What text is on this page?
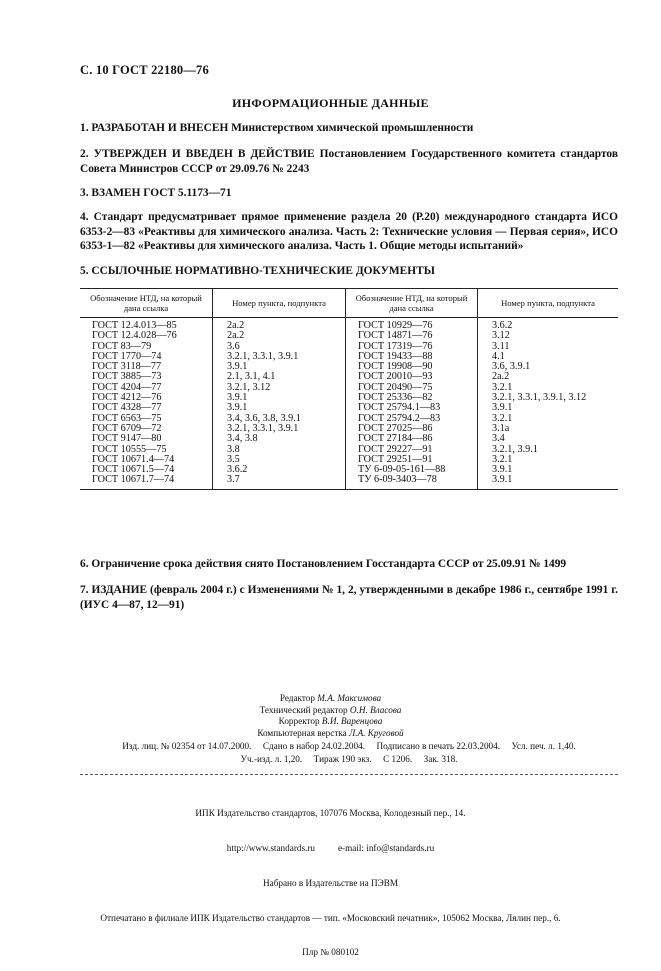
С. 10 ГОСТ 22180—76
ИНФОРМАЦИОННЫЕ ДАННЫЕ
1. РАЗРАБОТАН И ВНЕСЕН Министерством химической промышленности
2. УТВЕРЖДЕН И ВВЕДЕН В ДЕЙСТВИЕ Постановлением Государственного комитета стандартов Совета Министров СССР от 29.09.76 № 2243
3. ВЗАМЕН ГОСТ 5.1173—71
4. Стандарт предусматривает прямое применение раздела 20 (Р.20) международного стандарта ИСО 6353-2—83 «Реактивы для химического анализа. Часть 2: Технические условия — Первая серия», ИСО 6353-1—82 «Реактивы для химического анализа. Часть 1. Общие методы испытаний»
5. ССЫЛОЧНЫЕ НОРМАТИВНО-ТЕХНИЧЕСКИЕ ДОКУМЕНТЫ
Обозначение НТД, на который дана ссылка	Номер пункта, подпункта	Обозначение НТД, на который дана ссылка	Номер пункта, подпункта
ГОСТ 12.4.013—85	2а.2	ГОСТ 10929—76	3.6.2
ГОСТ 12.4.028—76	2а.2	ГОСТ 14871—76	3.12
ГОСТ 83—79	3.6	ГОСТ 17319—76	3.11
ГОСТ 1770—74	3.2.1, 3.3.1, 3.9.1	ГОСТ 19433—88	4.1
ГОСТ 3118—77	3.9.1	ГОСТ 19908—90	3.6, 3.9.1
ГОСТ 3885—73	2.1, 3.1, 4.1	ГОСТ 20010—93	2а.2
ГОСТ 4204—77	3.2.1, 3.12	ГОСТ 20490—75	3.2.1
ГОСТ 4212—76	3.9.1	ГОСТ 25336—82	3.2.1, 3.3.1, 3.9.1, 3.12
ГОСТ 4328—77	3.9.1	ГОСТ 25794.1—83	3.9.1
ГОСТ 6563—75	3.4, 3.6, 3.8, 3.9.1	ГОСТ 25794.2—83	3.2.1
ГОСТ 6709—72	3.2.1, 3.3.1, 3.9.1	ГОСТ 27025—86	3.1а
ГОСТ 9147—80	3.4, 3.8	ГОСТ 27184—86	3.4
ГОСТ 10555—75	3.8	ГОСТ 29227—91	3.2.1, 3.9.1
ГОСТ 10671.4—74	3.5	ГОСТ 29251—91	3.2.1
ГОСТ 10671.5—74	3.6.2	ТУ 6-09-05-161—88	3.9.1
ГОСТ 10671.7—74	3.7	ТУ 6-09-3403—78	3.9.1
6. Ограничение срока действия снято Постановлением Госстандарта СССР от 25.09.91 № 1499
7. ИЗДАНИЕ (февраль 2004 г.) с Изменениями № 1, 2, утвержденными в декабре 1986 г., сентябре 1991 г. (ИУС 4—87, 12—91)
Редактор М.А. Максимова
Технический редактор О.Н. Власова
Корректор В.И. Варенцова
Компьютерная верстка Л.А. Круговой
Изд. лиц. № 02354 от 14.07.2000.     Сдано в набор 24.02.2004.     Подписано в печать 22.03.2004.     Усл. печ. л. 1,40.
Уч.-изд. л. 1,20.     Тираж 190 экз.     С 1206.     Зак. 318.

ИПК Издательство стандартов, 107076 Москва, Колодезный пер., 14.

http://www.standards.ru          e-mail: info@standards.ru

Набрано в Издательстве на ПЭВМ

Отпечатано в филиале ИПК Издательство стандартов — тип. «Московский печатник», 105062 Москва, Лялин пер., 6.

Плр № 080102
